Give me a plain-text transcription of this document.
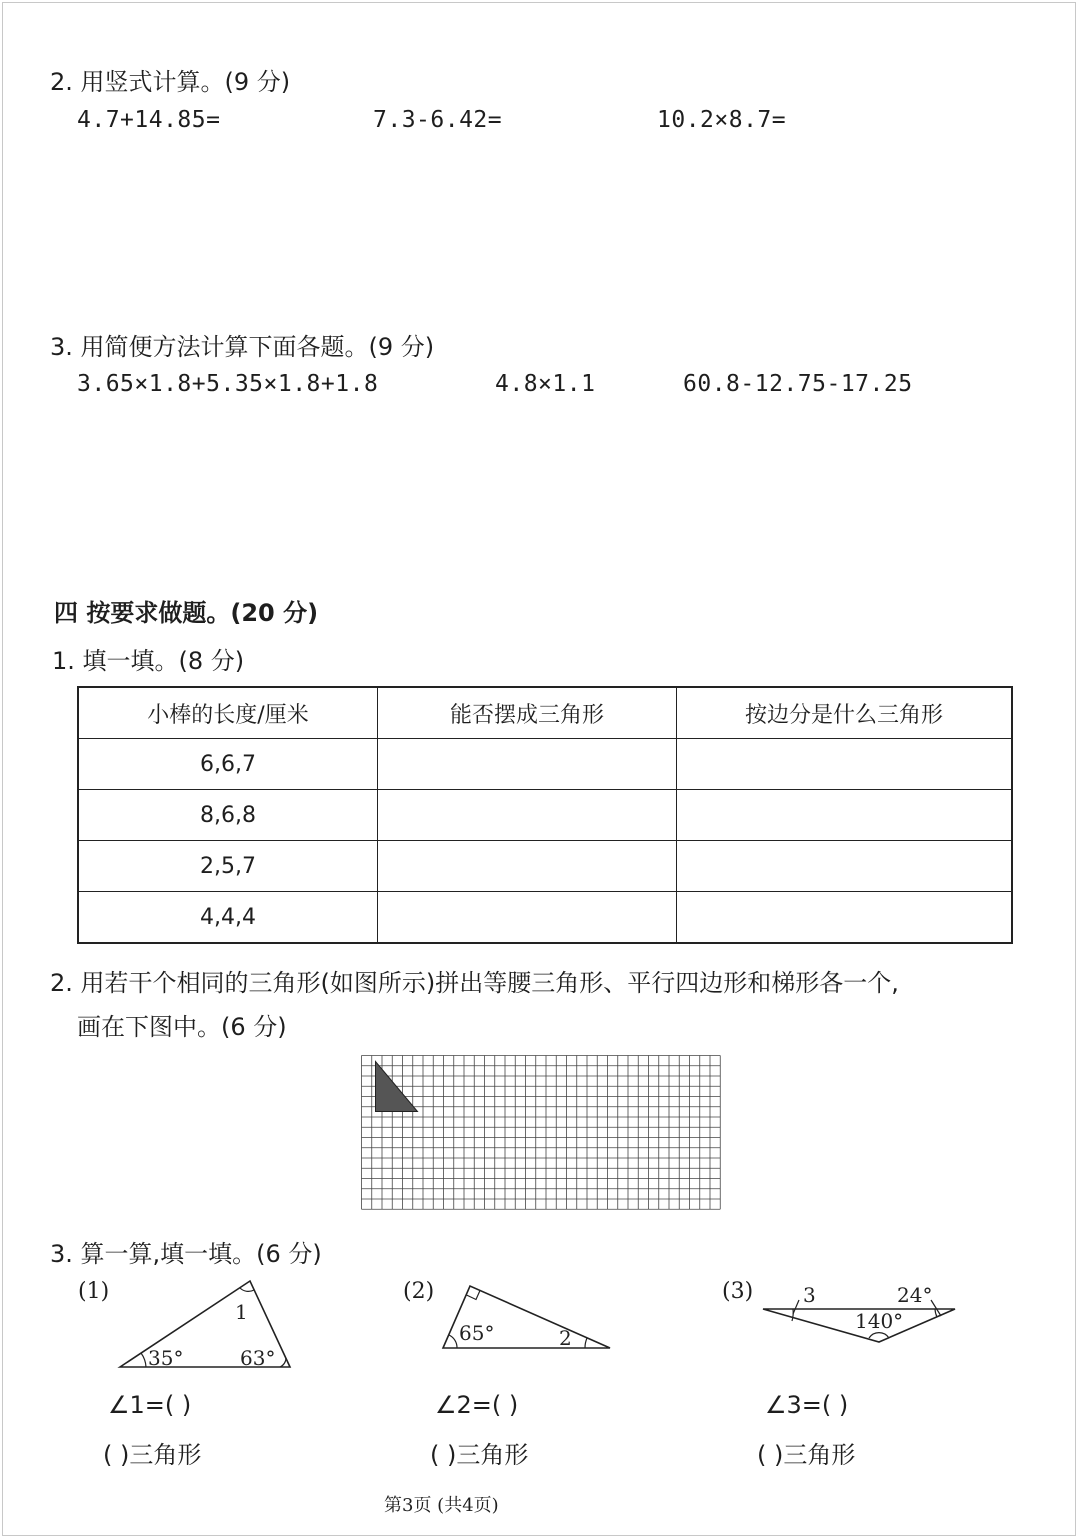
2. 用竖式计算。(9 分)
4.7+14.85=	7.3-6.42=	10.2×8.7=
3. 用简便方法计算下面各题。(9 分)
3.65×1.8+5.35×1.8+1.8	4.8×1.1	60.8-12.75-17.25
四 按要求做题。(20 分)
1. 填一填。(8 分)
小棒的长度/厘米	能否摆成三角形	按边分是什么三角形
6,6,7		
8,6,8		
2,5,7		
4,4,4		
2. 用若干个相同的三角形(如图所示)拼出等腰三角形、平行四边形和梯形各一个,
画在下图中。(6 分)
3. 算一算,填一填。(6 分)
(1)
1
35°	63°
∠1=( )
( )三角形
(2)
65°	2
∠2=( )
( )三角形
(3) 3	24°
140°
∠3=( )
( )三角形
第3页 (共4页)
